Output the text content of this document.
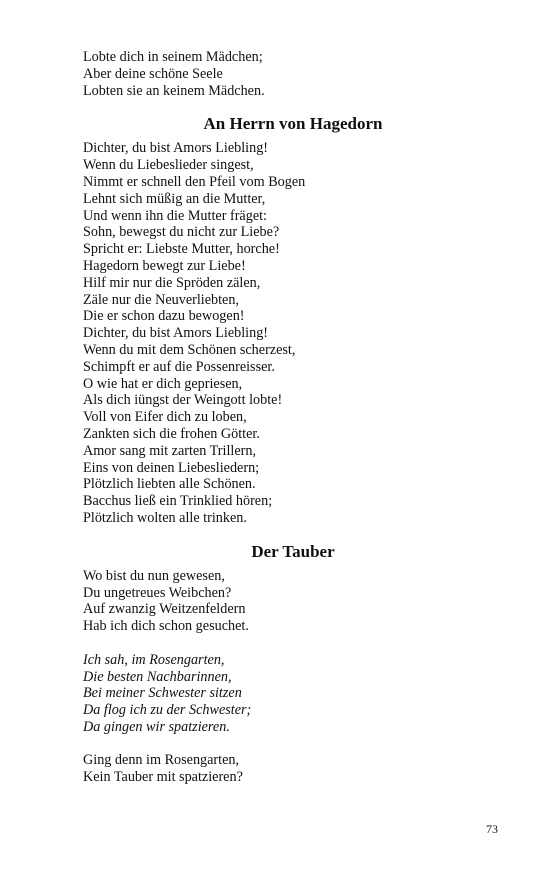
Lobte dich in seinem Mädchen;
Aber deine schöne Seele
Lobten sie an keinem Mädchen.
An Herrn von Hagedorn
Dichter, du bist Amors Liebling!
Wenn du Liebeslieder singest,
Nimmt er schnell den Pfeil vom Bogen
Lehnt sich müßig an die Mutter,
Und wenn ihn die Mutter fräget:
Sohn, bewegst du nicht zur Liebe?
Spricht er: Liebste Mutter, horche!
Hagedorn bewegt zur Liebe!
Hilf mir nur die Spröden zälen,
Zäle nur die Neuverliebten,
Die er schon dazu bewogen!
Dichter, du bist Amors Liebling!
Wenn du mit dem Schönen scherzest,
Schimpft er auf die Possenreisser.
O wie hat er dich gepriesen,
Als dich iüngst der Weingott lobte!
Voll von Eifer dich zu loben,
Zankten sich die frohen Götter.
Amor sang mit zarten Trillern,
Eins von deinen Liebesliedern;
Plötzlich liebten alle Schönen.
Bacchus ließ ein Trinklied hören;
Plötzlich wolten alle trinken.
Der Tauber
Wo bist du nun gewesen,
Du ungetreues Weibchen?
Auf zwanzig Weitzenfeldern
Hab ich dich schon gesuchet.
Ich sah, im Rosengarten,
Die besten Nachbarinnen,
Bei meiner Schwester sitzen
Da flog ich zu der Schwester;
Da gingen wir spatzieren.
Ging denn im Rosengarten,
Kein Tauber mit spatzieren?
73
